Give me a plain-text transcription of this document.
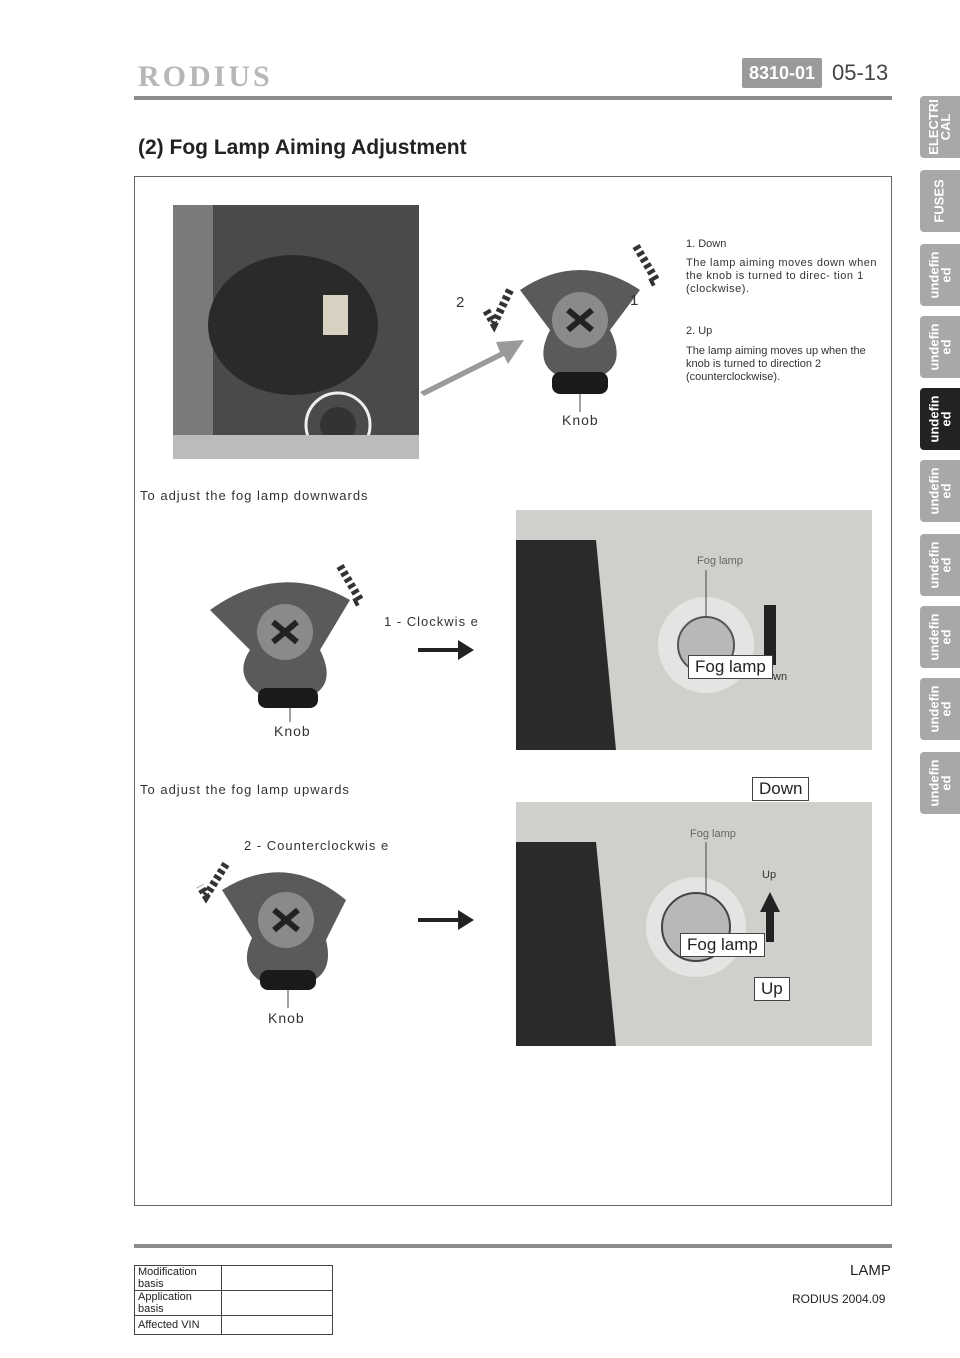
RODIUS	8310-01 05-13
ELECTRI CAL
FUSES
undefin ed
undefin ed
undefin ed
undefin ed
undefin ed
undefin ed
undefin ed
undefin ed
(2) Fog Lamp Aiming Adjustment
2	1
Knob
1. Down
The lamp aiming moves down when the knob is turned to direc- tion 1 (clockwise).
2. Up
The lamp aiming moves up when the knob is turned to direction 2 (counterclockwise).
To adjust the fog lamp downwards
1 - Clockwis e
Knob
Fog lamp
Fog lamp
wn
To adjust the fog lamp upwards	Down
2 - Counterclockwis e
Knob
Fog lamp
Up
Fog lamp
Up
Modification basis	
Application basis	
Affected VIN	
LAMP
RODIUS 2004.09
